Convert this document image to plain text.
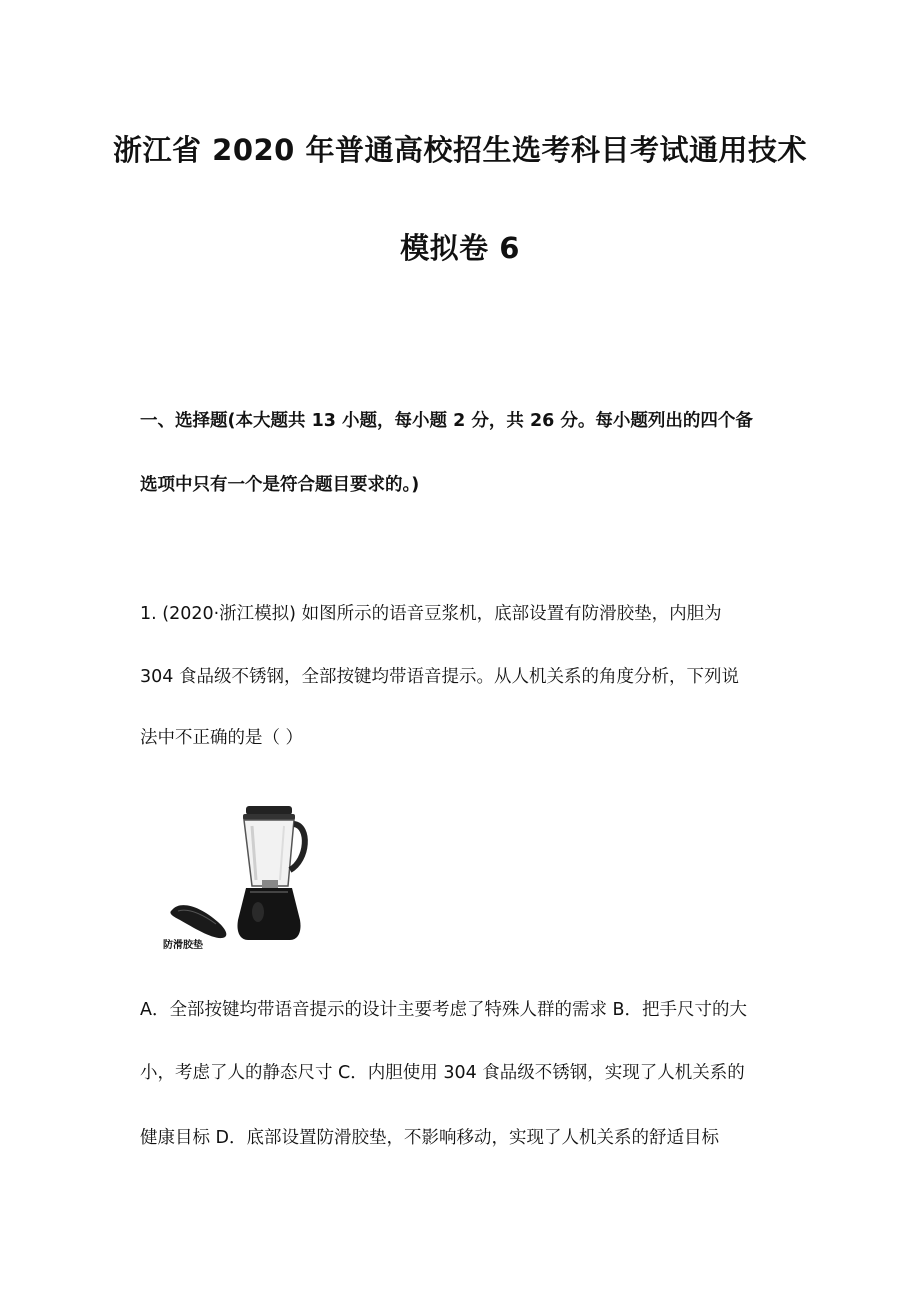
浙江省 2020 年普通高校招生选考科目考试通用技术
模拟卷 6
一、选择题(本大题共 13 小题，每小题 2 分，共 26 分。每小题列出的四个备
选项中只有一个是符合题目要求的。)
1. (2020·浙江模拟) 如图所示的语音豆浆机，底部设置有防滑胶垫，内胆为
304 食品级不锈钢，全部按键均带语音提示。从人机关系的角度分析，下列说
法中不正确的是（ ）
防滑胶垫
A．全部按键均带语音提示的设计主要考虑了特殊人群的需求 B．把手尺寸的大
小，考虑了人的静态尺寸 C．内胆使用 304 食品级不锈钢，实现了人机关系的
健康目标 D．底部设置防滑胶垫，不影响移动，实现了人机关系的舒适目标
